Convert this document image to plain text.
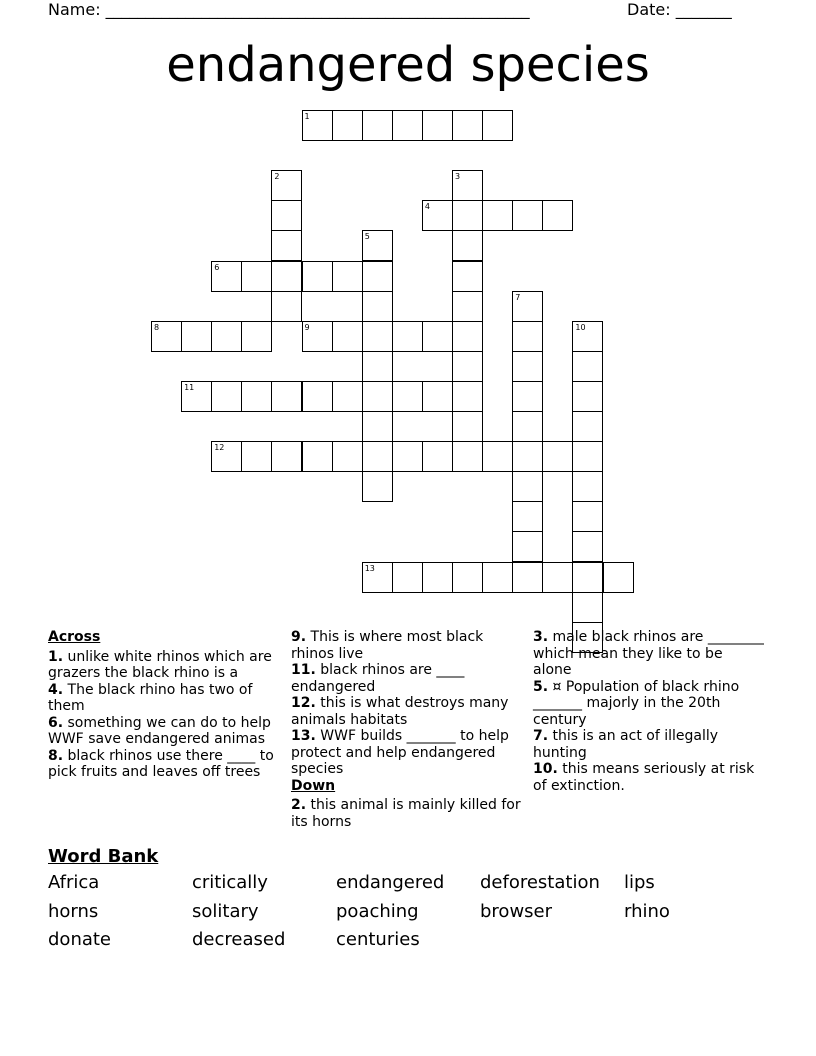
Name: _____________________________________________________	Date: _______
endangered species
1
2	3
4
5
6
7
8	9	10
11
12
13
Across
1. unlike white rhinos which are grazers the black rhino is a
4. The black rhino has two of them
6. something we can do to help WWF save endangered animas
8. black rhinos use there ____ to pick fruits and leaves off trees
9. This is where most black rhinos live
11. black rhinos are ____ endangered
12. this is what destroys many animals habitats
13. WWF builds _______ to help protect and help endangered species
Down
2. this animal is mainly killed for its horns
3. male black rhinos are ________ which mean they like to be alone
5. ¤ Population of black rhino _______ majorly in the 20th century
7. this is an act of illegally hunting
10. this means seriously at risk of extinction.
Word Bank
Africa	critically	endangered	deforestation	lips
horns	solitary	poaching	browser	rhino
donate	decreased	centuries
